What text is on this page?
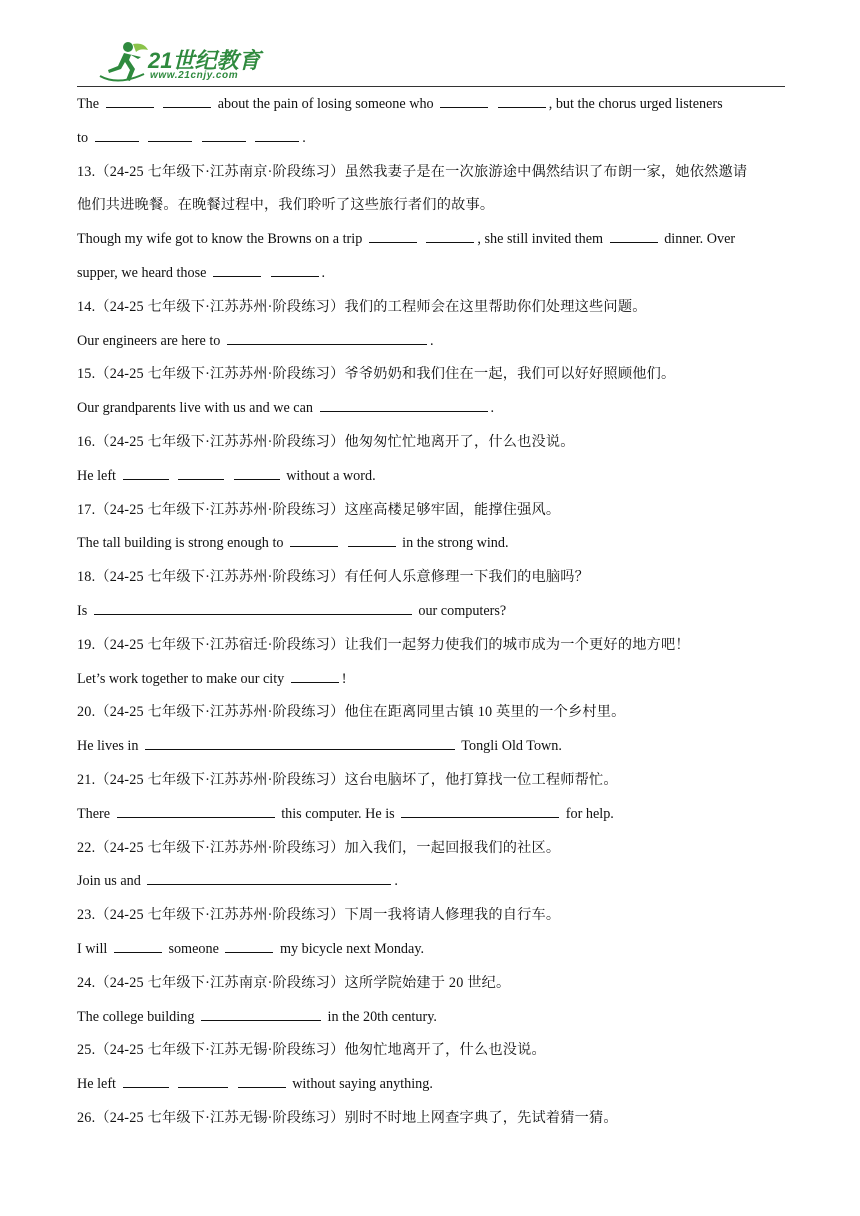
21世纪教育
www.21cnjy.com
The	about the pain of losing someone who	, but the chorus urged listeners
to	.
13.（24-25 七年级下·江苏南京·阶段练习）虽然我妻子是在一次旅游途中偶然结识了布朗一家，她依然邀请
他们共进晚餐。在晚餐过程中，我们聆听了这些旅行者们的故事。
Though my wife got to know the Browns on a trip	, she still invited them	dinner. Over
supper, we heard those	.
14.（24-25 七年级下·江苏苏州·阶段练习）我们的工程师会在这里帮助你们处理这些问题。
Our engineers are here to	.
15.（24-25 七年级下·江苏苏州·阶段练习）爷爷奶奶和我们住在一起，我们可以好好照顾他们。
Our grandparents live with us and we can	.
16.（24-25 七年级下·江苏苏州·阶段练习）他匆匆忙忙地离开了，什么也没说。
He left	without a word.
17.（24-25 七年级下·江苏苏州·阶段练习）这座高楼足够牢固，能撑住强风。
The tall building is strong enough to	in the strong wind.
18.（24-25 七年级下·江苏苏州·阶段练习）有任何人乐意修理一下我们的电脑吗？
Is	our computers?
19.（24-25 七年级下·江苏宿迁·阶段练习）让我们一起努力使我们的城市成为一个更好的地方吧！
Let’s work together to make our city	!
20.（24-25 七年级下·江苏苏州·阶段练习）他住在距离同里古镇 10 英里的一个乡村里。
He lives in	Tongli Old Town.
21.（24-25 七年级下·江苏苏州·阶段练习）这台电脑坏了，他打算找一位工程师帮忙。
There	this computer. He is	for help.
22.（24-25 七年级下·江苏苏州·阶段练习）加入我们，一起回报我们的社区。
Join us and	.
23.（24-25 七年级下·江苏苏州·阶段练习）下周一我将请人修理我的自行车。
I will	someone	my bicycle next Monday.
24.（24-25 七年级下·江苏南京·阶段练习）这所学院始建于 20 世纪。
The college building	in the 20th century.
25.（24-25 七年级下·江苏无锡·阶段练习）他匆忙地离开了，什么也没说。
He left	without saying anything.
26.（24-25 七年级下·江苏无锡·阶段练习）别时不时地上网查字典了，先试着猜一猜。
